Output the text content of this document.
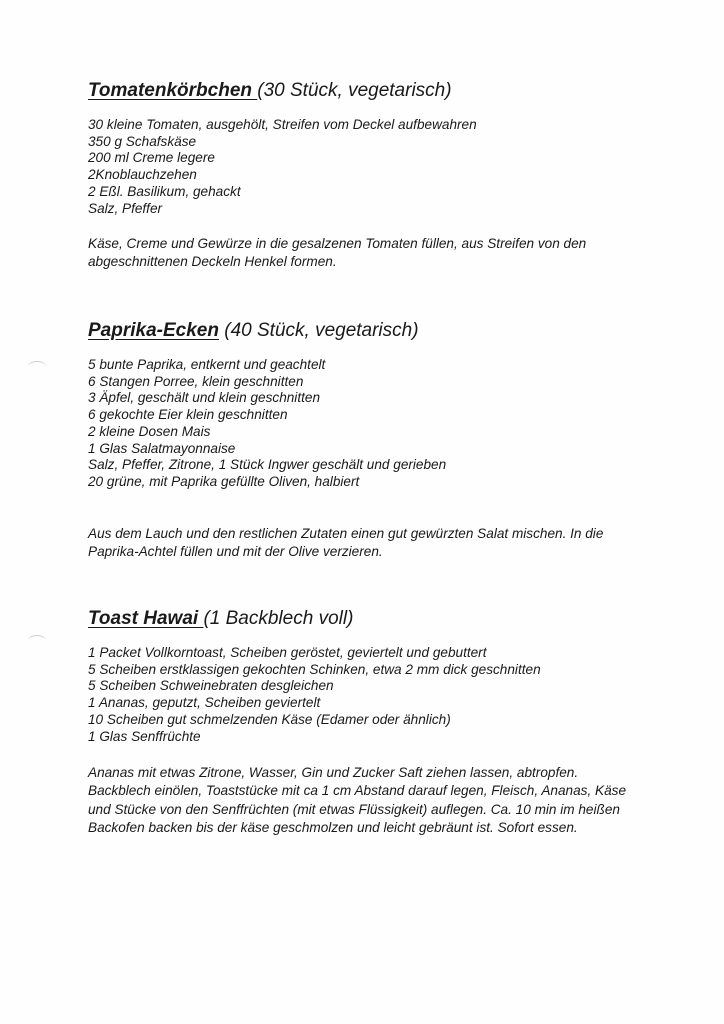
Tomatenkörbchen (30 Stück, vegetarisch)
30 kleine Tomaten, ausgehölt, Streifen vom Deckel aufbewahren
350 g Schafskäse
200 ml Creme legere
2Knoblauchzehen
2 Eßl. Basilikum, gehackt
Salz, Pfeffer

Käse, Creme und Gewürze in die gesalzenen Tomaten füllen, aus Streifen von den abgeschnittenen Deckeln Henkel formen.

Paprika-Ecken (40 Stück, vegetarisch)
5 bunte Paprika, entkernt und geachtelt
6 Stangen Porree, klein geschnitten
3 Äpfel, geschält und klein geschnitten
6 gekochte Eier klein geschnitten
2 kleine Dosen Mais
1 Glas Salatmayonnaise
Salz, Pfeffer, Zitrone, 1 Stück Ingwer geschält und gerieben
20 grüne, mit Paprika gefüllte Oliven, halbiert

Aus dem Lauch und den restlichen Zutaten einen gut gewürzten Salat mischen. In die Paprika-Achtel füllen und mit der Olive verzieren.

Toast Hawai (1 Backblech voll)
1 Packet Vollkorntoast, Scheiben geröstet, geviertelt und gebuttert
5 Scheiben erstklassigen gekochten Schinken, etwa 2 mm dick geschnitten
5 Scheiben Schweinebraten desgleichen
1 Ananas, geputzt, Scheiben geviertelt
10 Scheiben gut schmelzenden Käse (Edamer oder ähnlich)
1 Glas Senffrüchte

Ananas mit etwas Zitrone, Wasser, Gin und Zucker Saft ziehen lassen, abtropfen. Backblech einölen, Toaststücke mit ca 1 cm Abstand darauf legen, Fleisch, Ananas, Käse und Stücke von den Senffrüchten (mit etwas Flüssigkeit) auflegen. Ca. 10 min im heißen Backofen backen bis der käse geschmolzen und leicht gebräunt ist. Sofort essen.
